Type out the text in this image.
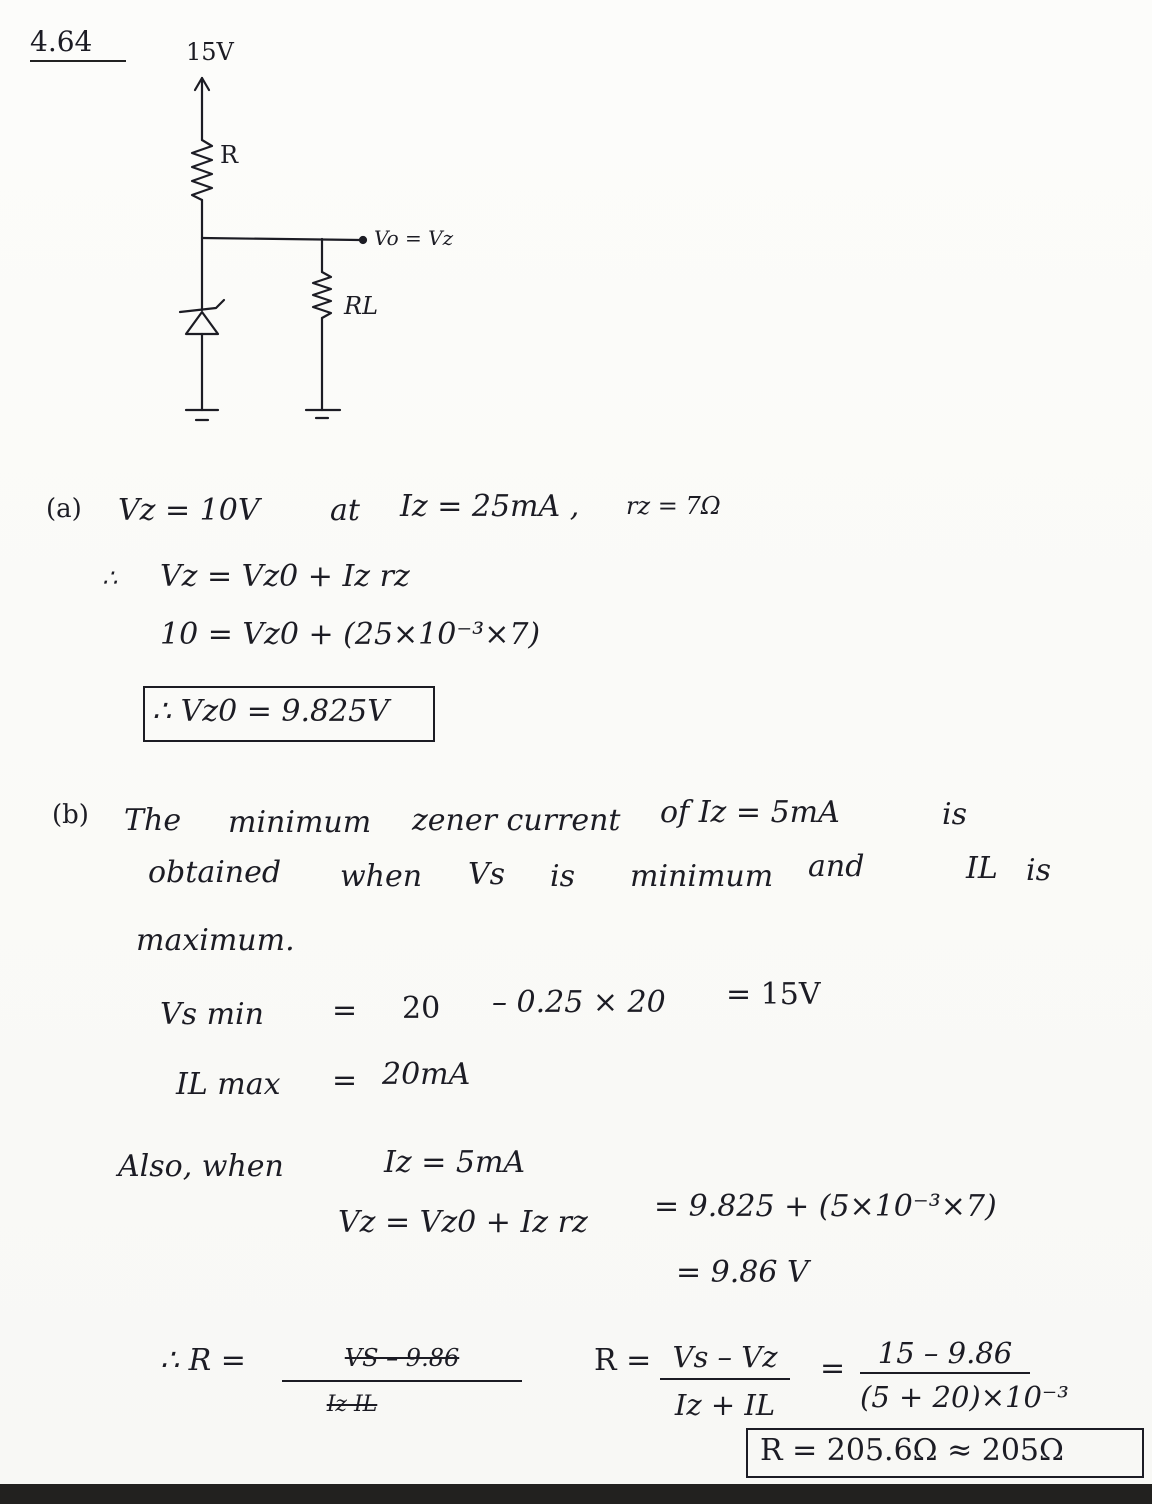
4.64	15V
R
Vo = Vz
RL
(a) Vz = 10V at Iz = 25mA , rz = 7Ω
∴ Vz = Vz0 + Iz rz
10 = Vz0 + (25×10⁻³×7)
∴ Vz0 = 9.825V
(b) The minimum zener current of Iz = 5mA	is
obtained when Vs is minimum and	IL is
maximum.
Vs min = 20 – 0.25 × 20 = 15V
IL max = 20mA
Also, when	Iz = 5mA
Vz = Vz0 + Iz rz = 9.825 + (5×10⁻³×7)
= 9.86 V
∴ R =	VS – 9.86
Iz IL
R = Vs – Vz
Iz + IL
=	15 – 9.86
(5 + 20)×10⁻³
R = 205.6Ω ≈ 205Ω
